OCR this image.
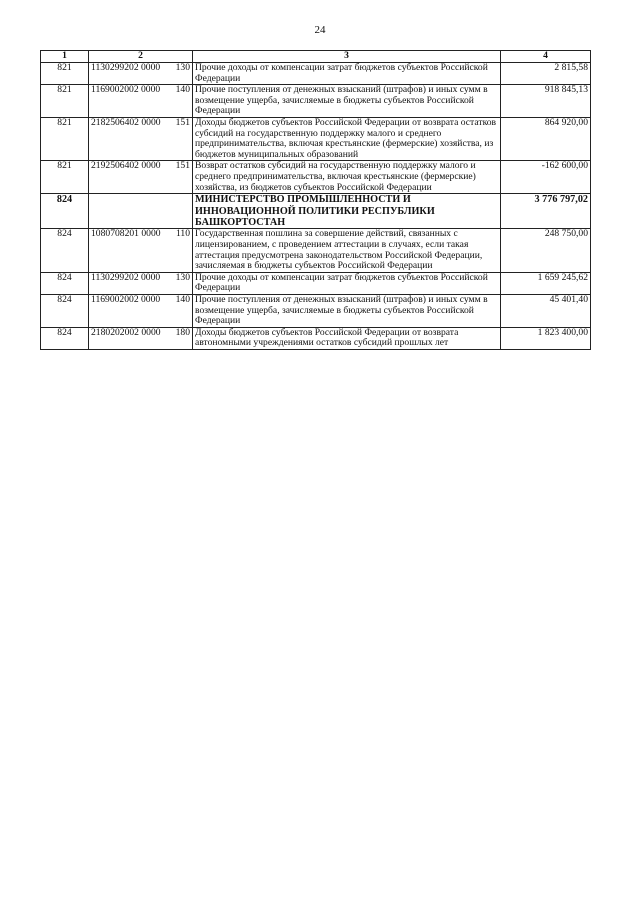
24
1	2	3	4
821	1130299202 0000 130	Прочие доходы от компенсации затрат бюджетов субъектов Российской Федерации	2 815,58
821	1169002002 0000 140	Прочие поступления от денежных взысканий (штрафов) и иных сумм в возмещение ущерба, зачисляемые в бюджеты субъектов Российской Федерации	918 845,13
821	2182506402 0000 151	Доходы бюджетов субъектов Российской Федерации от возврата остатков субсидий на государственную поддержку малого и среднего предпринимательства, включая крестьянские (фермерские) хозяйства, из бюджетов муниципальных образований	864 920,00
821	2192506402 0000 151	Возврат остатков субсидий на государственную поддержку малого и среднего предпринимательства, включая крестьянские (фермерские) хозяйства, из бюджетов субъектов Российской Федерации	-162 600,00
824		МИНИСТЕРСТВО ПРОМЫШЛЕННОСТИ И ИННОВАЦИОННОЙ ПОЛИТИКИ РЕСПУБЛИКИ БАШКОРТОСТАН	3 776 797,02
824	1080708201 0000 110	Государственная пошлина за совершение действий, связанных с лицензированием, с проведением аттестации в случаях, если такая аттестация предусмотрена законодательством Российской Федерации, зачисляемая в бюджеты субъектов Российской Федерации	248 750,00
824	1130299202 0000 130	Прочие доходы от компенсации затрат бюджетов субъектов Российской Федерации	1 659 245,62
824	1169002002 0000 140	Прочие поступления от денежных взысканий (штрафов) и иных сумм в возмещение ущерба, зачисляемые в бюджеты субъектов Российской Федерации	45 401,40
824	2180202002 0000 180	Доходы бюджетов субъектов Российской Федерации от возврата автономными учреждениями остатков субсидий прошлых лет	1 823 400,00
